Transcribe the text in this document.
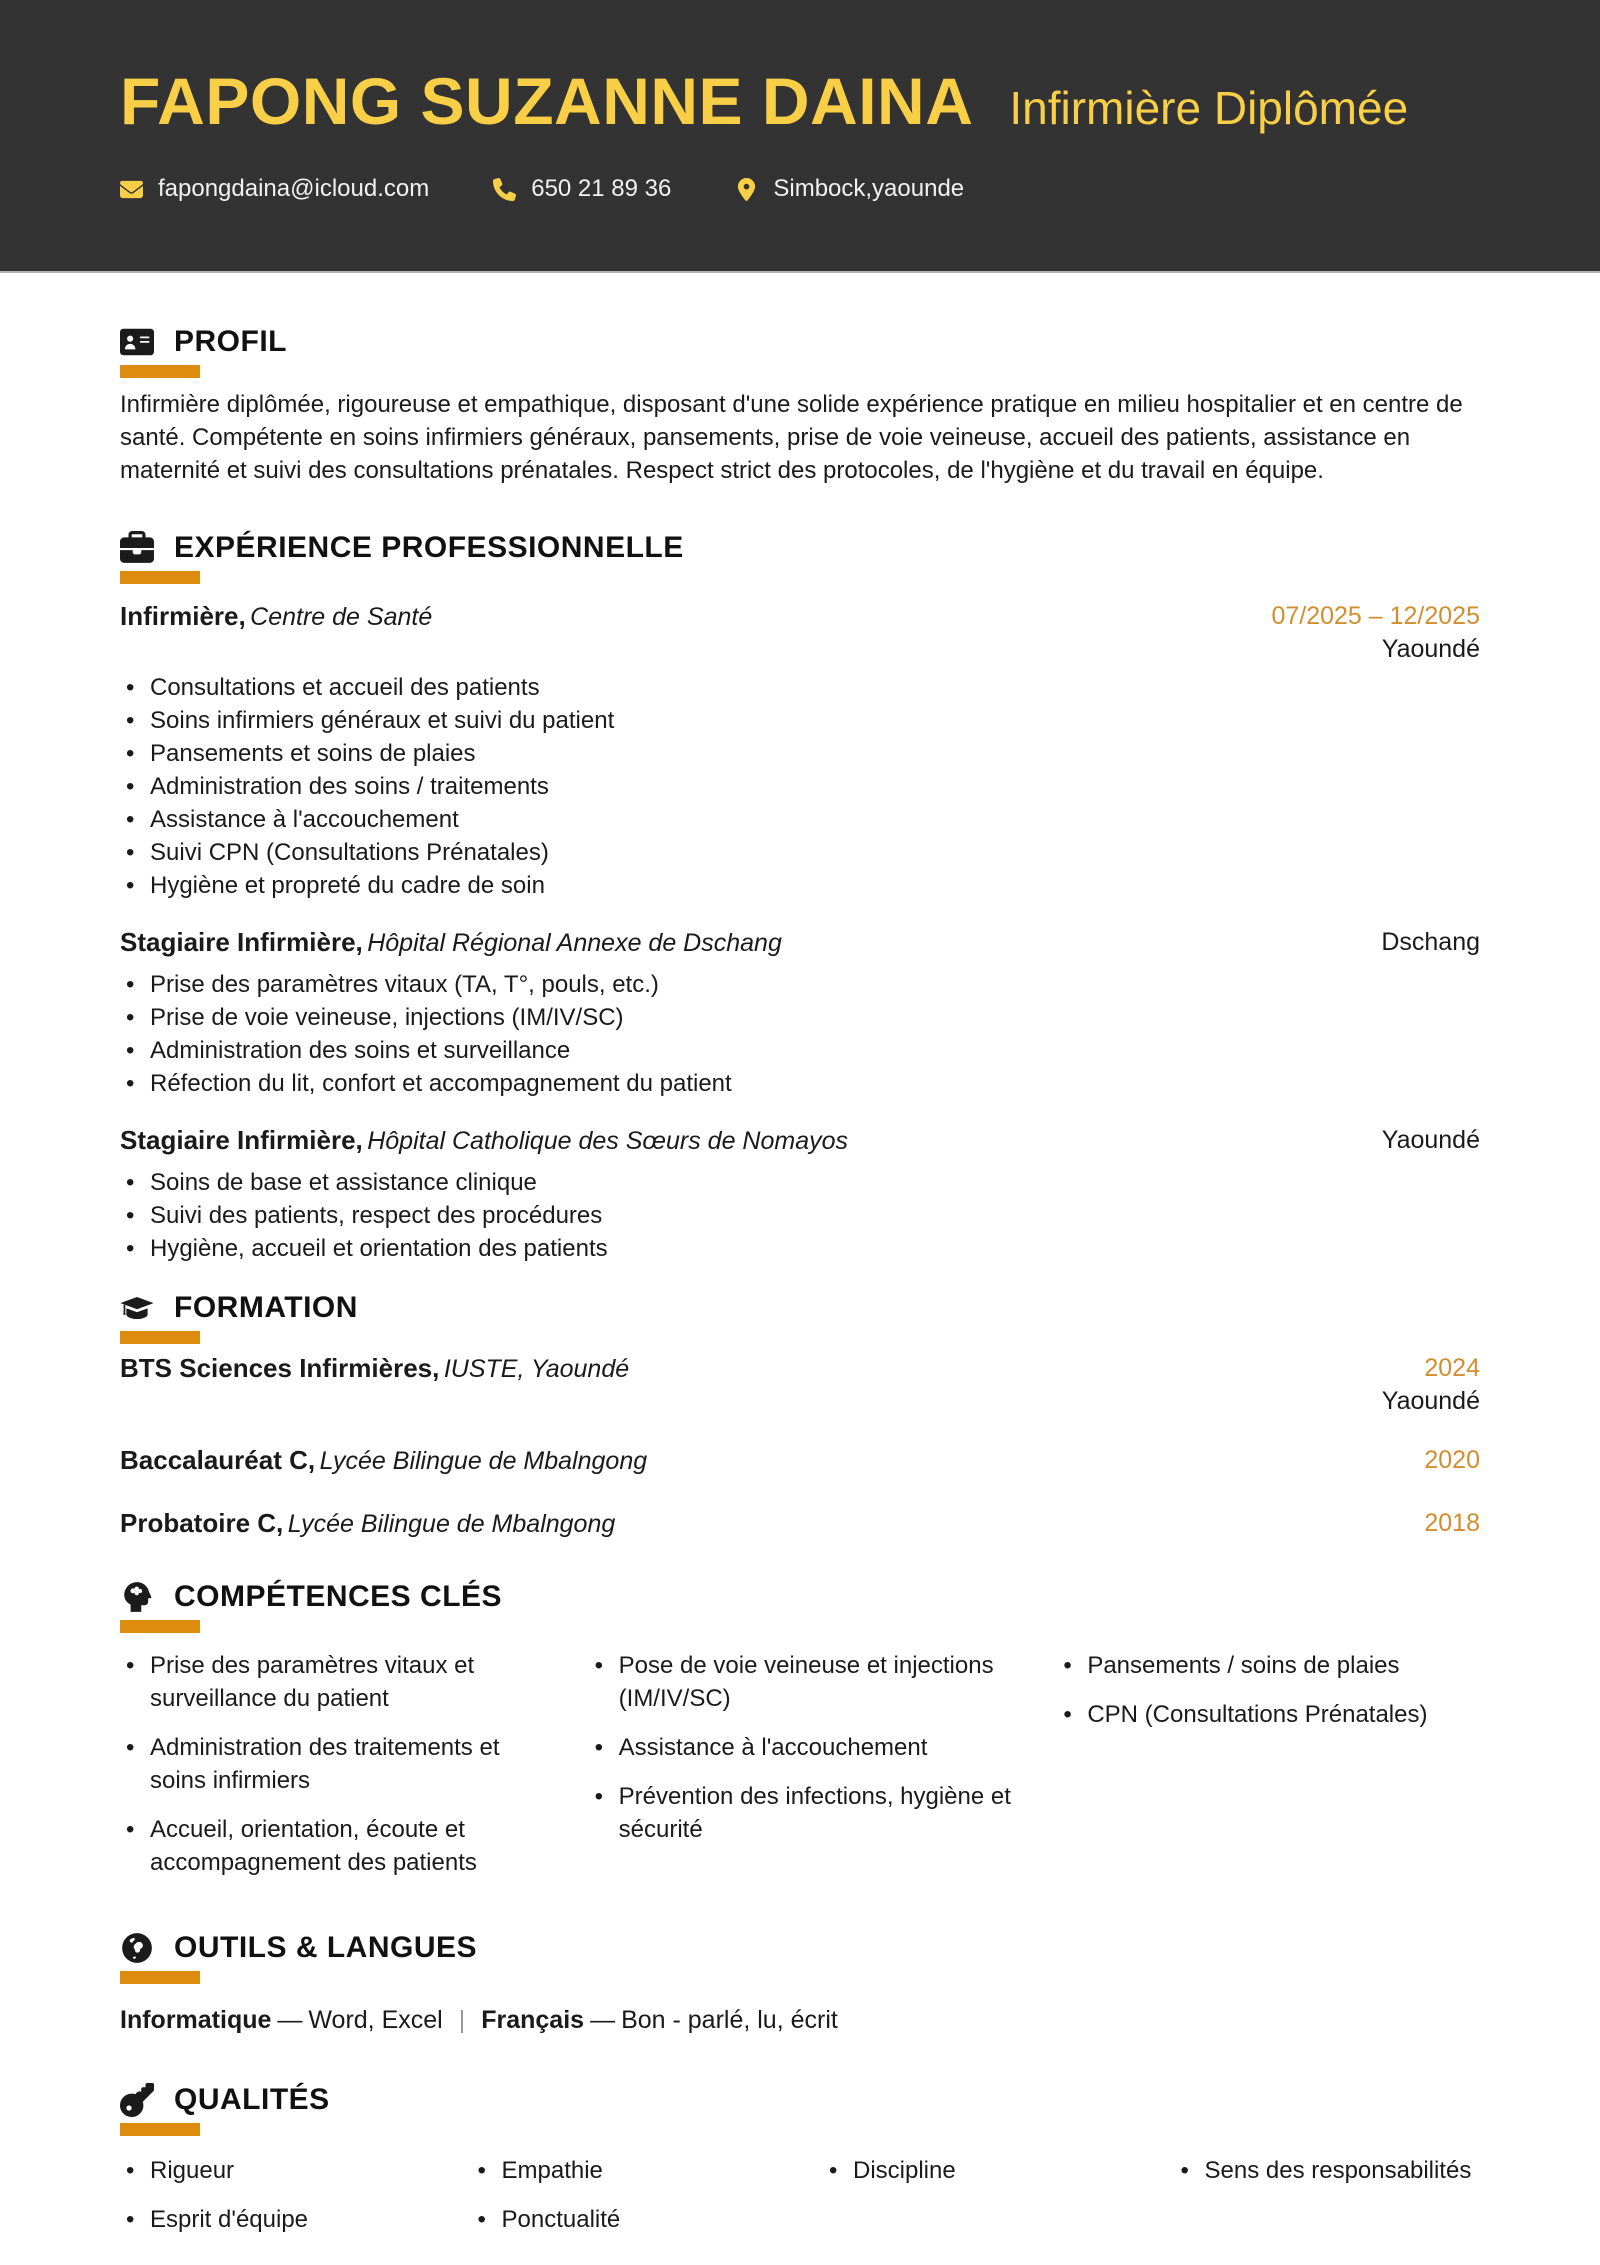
FAPONG SUZANNE DAINA Infirmière Diplômée
fapongdaina@icloud.com	650 21 89 36	Simbock,yaounde
PROFIL

Infirmière diplômée, rigoureuse et empathique, disposant d'une solide expérience pratique en milieu hospitalier et en centre de santé. Compétente en soins infirmiers généraux, pansements, prise de voie veineuse, accueil des patients, assistance en maternité et suivi des consultations prénatales. Respect strict des protocoles, de l'hygiène et du travail en équipe.

EXPÉRIENCE PROFESSIONNELLE
Infirmière, Centre de Santé	07/2025 – 12/2025
Yaoundé
• Consultations et accueil des patients
• Soins infirmiers généraux et suivi du patient
• Pansements et soins de plaies
• Administration des soins / traitements
• Assistance à l'accouchement
• Suivi CPN (Consultations Prénatales)
• Hygiène et propreté du cadre de soin
Stagiaire Infirmière, Hôpital Régional Annexe de Dschang	Dschang
• Prise des paramètres vitaux (TA, T°, pouls, etc.)
• Prise de voie veineuse, injections (IM/IV/SC)
• Administration des soins et surveillance
• Réfection du lit, confort et accompagnement du patient
Stagiaire Infirmière, Hôpital Catholique des Sœurs de Nomayos	Yaoundé
• Soins de base et assistance clinique
• Suivi des patients, respect des procédures
• Hygiène, accueil et orientation des patients
FORMATION
BTS Sciences Infirmières, IUSTE, Yaoundé	2024
Yaoundé
Baccalauréat C, Lycée Bilingue de Mbalngong	2020
Probatoire C, Lycée Bilingue de Mbalngong	2018
COMPÉTENCES CLÉS
• Prise des paramètres vitaux et surveillance du patient
• Administration des traitements et soins infirmiers
• Accueil, orientation, écoute et accompagnement des patients
• Pose de voie veineuse et injections (IM/IV/SC)
• Assistance à l'accouchement
• Prévention des infections, hygiène et sécurité
• Pansements / soins de plaies
• CPN (Consultations Prénatales)
OUTILS & LANGUES
Informatique — Word, Excel | Français — Bon - parlé, lu, écrit
QUALITÉS
• Rigueur
• Esprit d'équipe
• Empathie
• Ponctualité
• Discipline	• Sens des responsabilités
